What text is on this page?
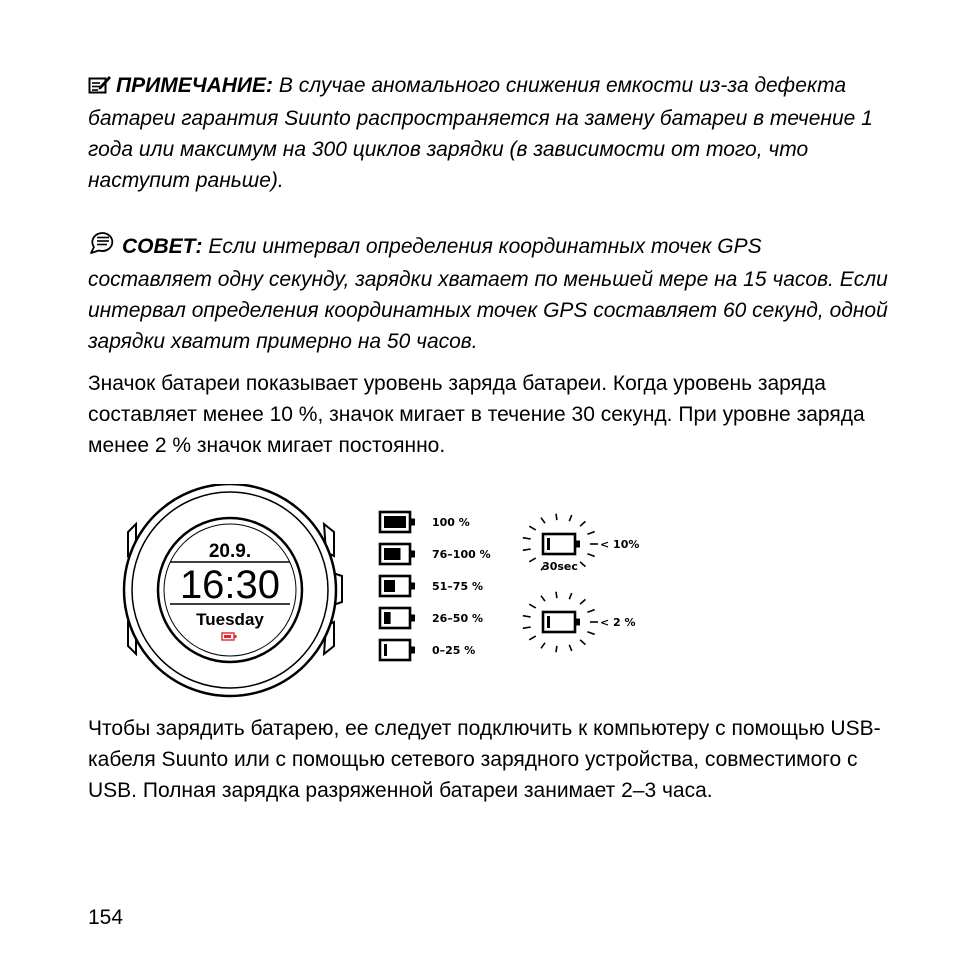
ПРИМЕЧАНИЕ: В случае аномального снижения емкости из-за дефекта батареи гарантия Suunto распространяется на замену батареи в течение 1 года или максимум на 300 циклов зарядки (в зависимости от того, что наступит раньше).

СОВЕТ: Если интервал определения координатных точек GPS составляет одну секунду, зарядки хватает по меньшей мере на 15 часов. Если интервал определения координатных точек GPS составляет 60 секунд, одной зарядки хватит примерно на 50 часов.

Значок батареи показывает уровень заряда батареи. Когда уровень заряда составляет менее 10 %, значок мигает в течение 30 секунд. При уровне заряда менее 2 % значок мигает постоянно.

20.9.
16:30
Tuesday
100 %
76–100 %
51–75 %
26–50 %
0–25 %
< 10%
30sec
< 2 %

Чтобы зарядить батарею, ее следует подключить к компьютеру с помощью USB-кабеля Suunto или с помощью сетевого зарядного устройства, совместимого с USB. Полная зарядка разряженной батареи занимает 2–3 часа.

154
